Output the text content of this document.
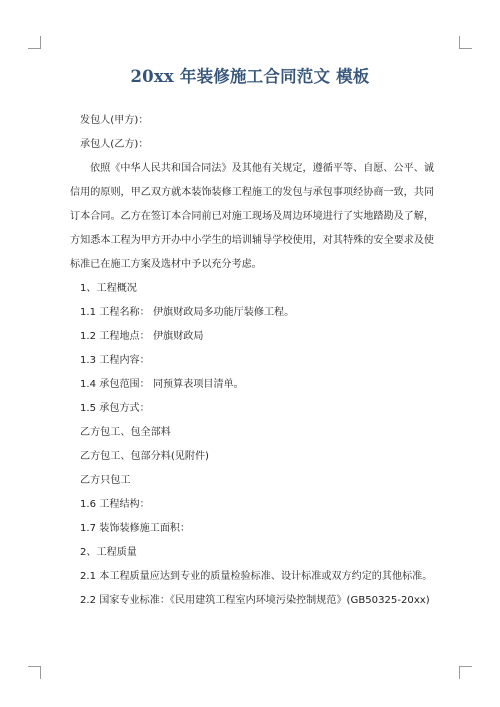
20xx 年装修施工合同范文 模板
发包人(甲方)：
承包人(乙方)：
依照《中华人民共和国合同法》及其他有关规定，遵循平等、自愿、公平、诚
信用的原则，甲乙双方就本装饰装修工程施工的发包与承包事项经协商一致，共同
订本合同。乙方在签订本合同前已对施工现场及周边环境进行了实地踏勘及了解，
方知悉本工程为甲方开办中小学生的培训辅导学校使用，对其特殊的安全要求及使
标准已在施工方案及选材中予以充分考虑。
1、工程概况
1.1 工程名称： 伊旗财政局多功能厅装修工程。
1.2 工程地点： 伊旗财政局
1.3 工程内容：
1.4 承包范围： 同预算表项目清单。
1.5 承包方式：
乙方包工、包全部料
乙方包工、包部分料(见附件)
乙方只包工
1.6 工程结构：
1.7 装饰装修施工面积：
2、工程质量
2.1 本工程质量应达到专业的质量检验标准、设计标准或双方约定的其他标准。
2.2 国家专业标准：《民用建筑工程室内环境污染控制规范》(GB50325-20xx)
